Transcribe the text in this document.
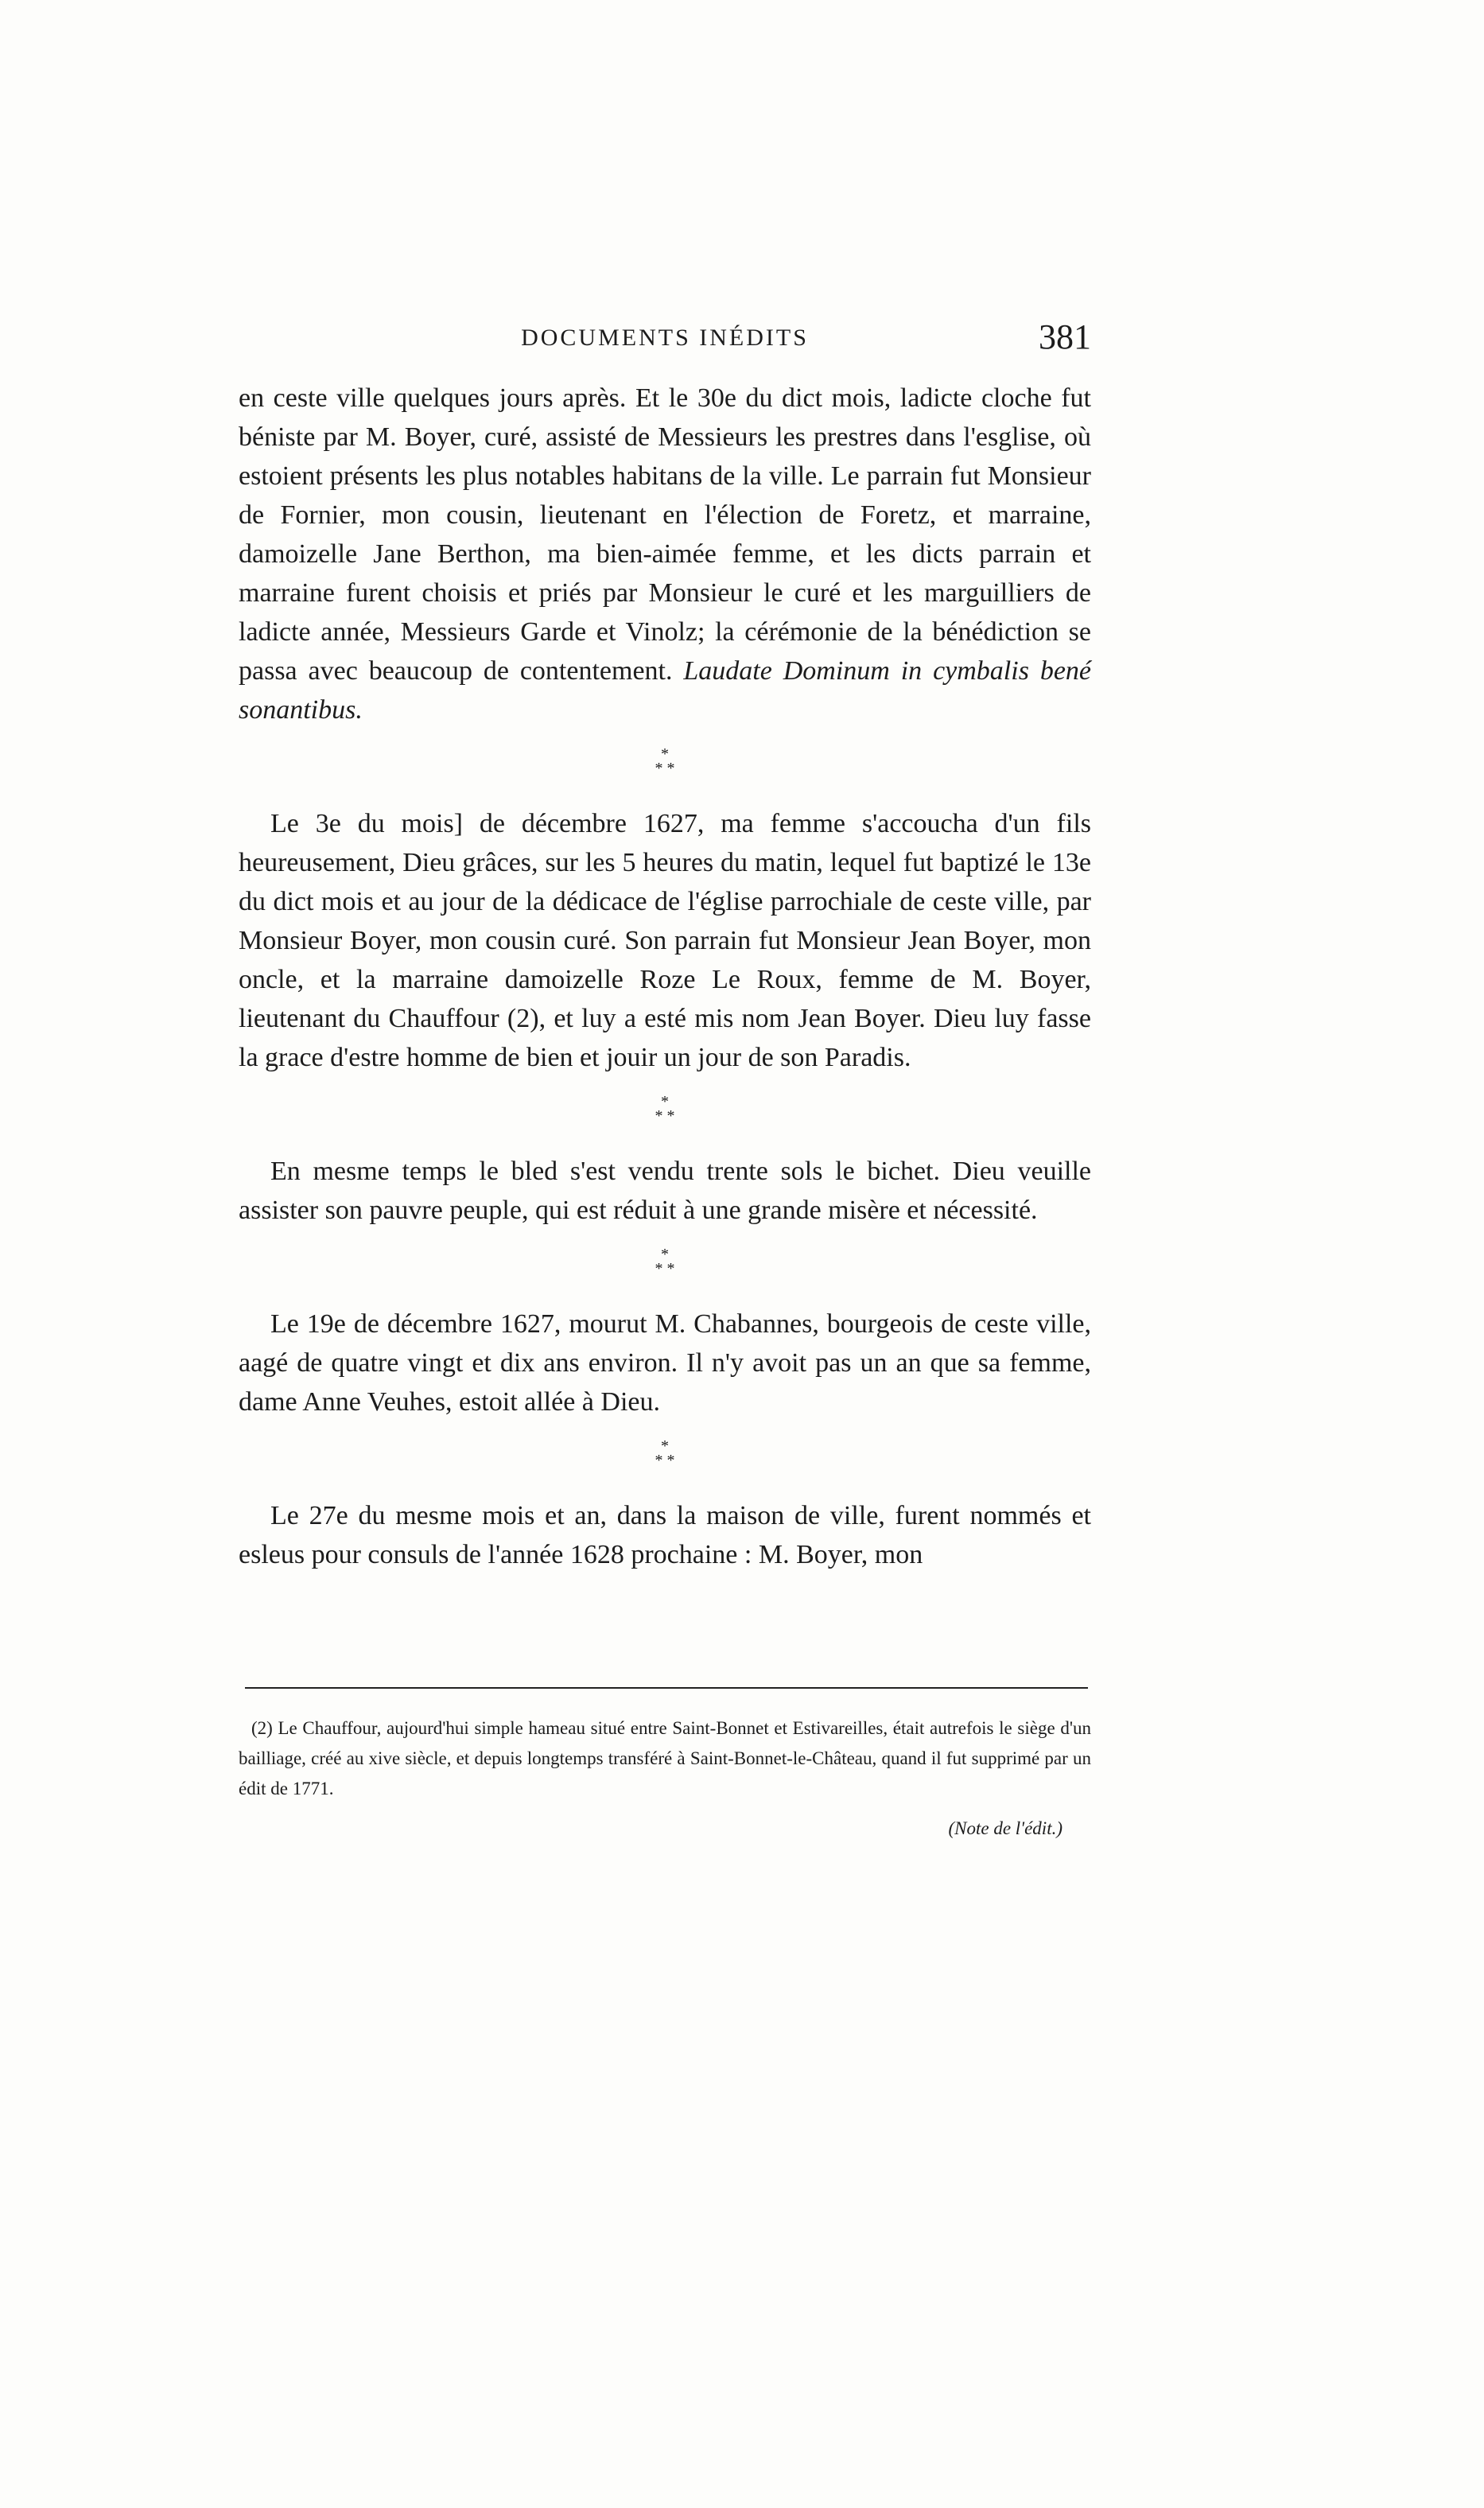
DOCUMENTS INÉDITS	381

en ceste ville quelques jours après. Et le 30e du dict mois, ladicte cloche fut béniste par M. Boyer, curé, assisté de Messieurs les prestres dans l'esglise, où estoient présents les plus notables habitans de la ville. Le parrain fut Monsieur de Fornier, mon cousin, lieutenant en l'élection de Foretz, et marraine, damoizelle Jane Berthon, ma bien-aimée femme, et les dicts parrain et marraine furent choisis et priés par Monsieur le curé et les marguilliers de ladicte année, Messieurs Garde et Vinolz; la cérémonie de la bénédiction se passa avec beaucoup de contentement. Laudate Dominum in cymbalis bené sonantibus.

*
* *

Le 3e du mois] de décembre 1627, ma femme s'accoucha d'un fils heureusement, Dieu grâces, sur les 5 heures du matin, lequel fut baptizé le 13e du dict mois et au jour de la dédicace de l'église parrochiale de ceste ville, par Monsieur Boyer, mon cousin curé. Son parrain fut Monsieur Jean Boyer, mon oncle, et la marraine damoizelle Roze Le Roux, femme de M. Boyer, lieutenant du Chauffour (2), et luy a esté mis nom Jean Boyer. Dieu luy fasse la grace d'estre homme de bien et jouir un jour de son Paradis.

*
* *

En mesme temps le bled s'est vendu trente sols le bichet. Dieu veuille assister son pauvre peuple, qui est réduit à une grande misère et nécessité.

*
* *

Le 19e de décembre 1627, mourut M. Chabannes, bourgeois de ceste ville, aagé de quatre vingt et dix ans environ. Il n'y avoit pas un an que sa femme, dame Anne Veuhes, estoit allée à Dieu.

*
* *

Le 27e du mesme mois et an, dans la maison de ville, furent nommés et esleus pour consuls de l'année 1628 prochaine : M. Boyer, mon

(2) Le Chauffour, aujourd'hui simple hameau situé entre Saint-Bonnet et Estivareilles, était autrefois le siège d'un bailliage, créé au xive siècle, et depuis longtemps transféré à Saint-Bonnet-le-Château, quand il fut supprimé par un édit de 1771.

(Note de l'édit.)
